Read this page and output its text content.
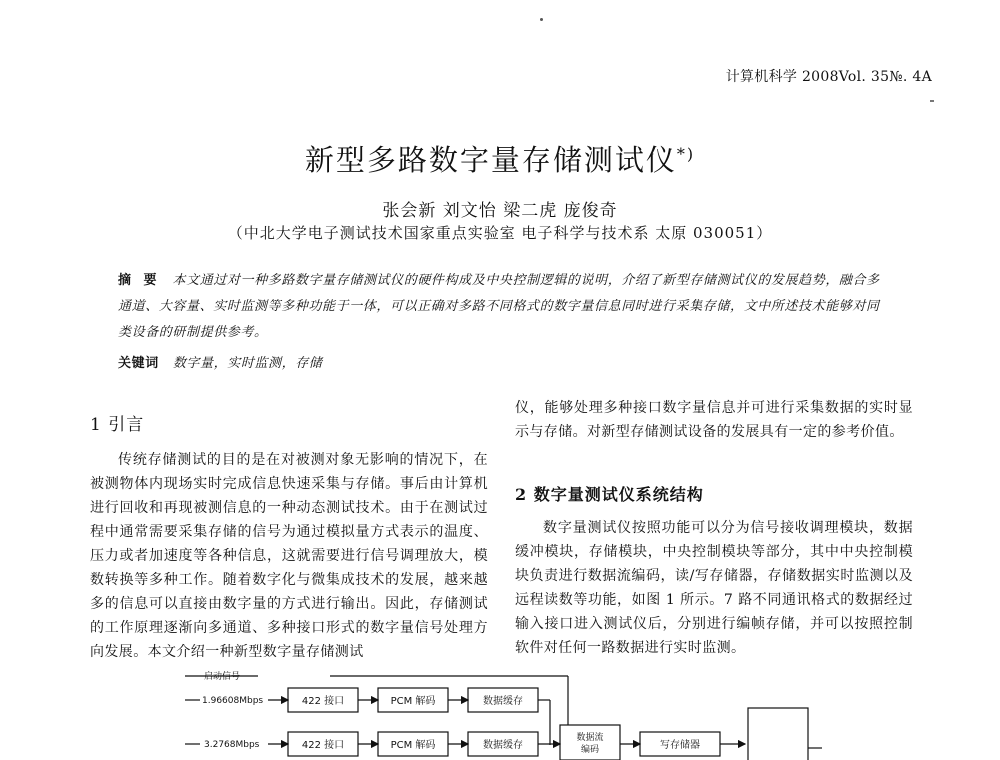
计算机科学 2008Vol. 35№. 4A
新型多路数字量存储测试仪*)
张会新 刘文怡 梁二虎 庞俊奇
（中北大学电子测试技术国家重点实验室 电子科学与技术系 太原 030051）
摘 要 本文通过对一种多路数字量存储测试仪的硬件构成及中央控制逻辑的说明，介绍了新型存储测试仪的发展趋势，融合多通道、大容量、实时监测等多种功能于一体，可以正确对多路不同格式的数字量信息同时进行采集存储，文中所述技术能够对同类设备的研制提供参考。
关键词 数字量，实时监测，存储
1 引言
传统存储测试的目的是在对被测对象无影响的情况下，在被测物体内现场实时完成信息快速采集与存储。事后由计算机进行回收和再现被测信息的一种动态测试技术。由于在测试过程中通常需要采集存储的信号为通过模拟量方式表示的温度、压力或者加速度等各种信息，这就需要进行信号调理放大，模数转换等多种工作。随着数字化与微集成技术的发展，越来越多的信息可以直接由数字量的方式进行输出。因此，存储测试的工作原理逐渐向多通道、多种接口形式的数字量信号处理方向发展。本文介绍一种新型数字量存储测试
仪，能够处理多种接口数字量信息并可进行采集数据的实时显示与存储。对新型存储测试设备的发展具有一定的参考价值。
2 数字量测试仪系统结构
数字量测试仪按照功能可以分为信号接收调理模块，数据缓冲模块，存储模块，中央控制模块等部分，其中中央控制模块负责进行数据流编码，读/写存储器，存储数据实时监测以及远程读数等功能，如图 1 所示。7 路不同通讯格式的数据经过输入接口进入测试仪后，分别进行编帧存储，并可以按照控制软件对任何一路数据进行实时监测。
启动信号
1.96608Mbps
3.2768Mbps
422 接口	PCM 解码	数据缓存
422 接口	PCM 解码	数据缓存
数据流
编码	写存储器
